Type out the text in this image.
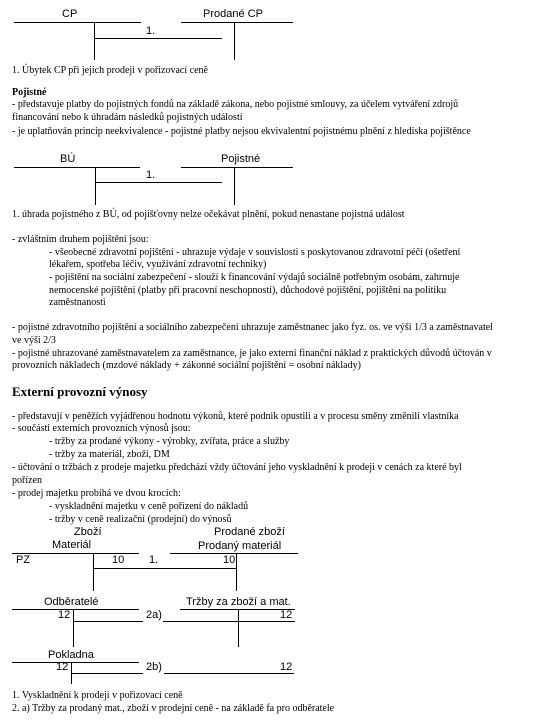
CP	Prodané CP
1.
1. Úbytek CP při jejich prodeji v pořizovací ceně
Pojistné
- představuje platby do pojistných fondů na základě zákona, nebo pojistné smlouvy, za účelem vytváření zdrojů
financování nebo k úhradám následků pojistných událostí
- je uplatňován princip neekvivalence - pojistné platby nejsou ekvivalentní pojistnému plnění z hlediska pojištěnce
BÚ	Pojistné
1.
1. úhrada pojistného z BÚ, od pojišťovny nelze očekávat plnění, pokud nenastane pojistná událost
- zvláštním druhem pojištění jsou:
- všeobecné zdravotní pojištění - uhrazuje výdaje v souvislosti s poskytovanou zdravotní péčí (ošetření
lékařem, spotřeba léčiv, využívání zdravotní techniky)
- pojištění na sociální zabezpečení - slouží k financování výdajů sociálně potřebným osobám, zahrnuje
nemocenské pojištění (platby při pracovní neschopnosti), důchodové pojištění, pojištění na politiku
zaměstnanosti
- pojistné zdravotního pojištění a sociálního zabezpečení uhrazuje zaměstnanec jako fyz. os. ve výši 1/3 a zaměstnavatel
ve výši 2/3
- pojistné uhrazované zaměstnavatelem za zaměstnance, je jako externí finanční náklad z praktických důvodů účtován v
provozních nákladech (mzdové náklady + zákonné sociální pojištění = osobní náklady)
Externí provozní výnosy
- představují v peněžích vyjádřenou hodnotu výkonů, které podnik opustili a v procesu směny změnili vlastníka
- součásti externích provozních výnosů jsou:
- tržby za prodané výkony - výrobky, zvířata, práce a služby
- tržby za materiál, zboží, DM
- účtování o tržbách z prodeje majetku předchází vždy účtování jeho vyskladnění k prodeji v cenách za které byl
pořízen
- prodej majetku probíhá ve dvou krocích:
- vyskladnění majetku v ceně pořízení do nákladů
- tržby v ceně realizační (prodejní) do výnosů
Zboží
Materiál
Prodané zboží
Prodaný materiál
PZ	10 1.	10
Odběratelé	Tržby za zboží a mat.
12	2a)	12
Pokladna
12	2b)	12
1. Vyskladnění k prodeji v pořizovací ceně
2. a) Tržby za prodaný mat., zboží v prodejní ceně - na základě fa pro odběratele
